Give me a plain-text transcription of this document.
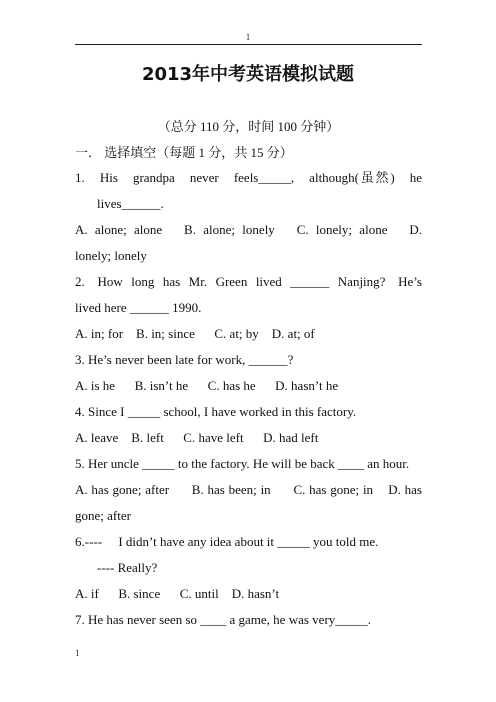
1
2013年中考英语模拟试题
（总分 110 分，时间 100 分钟）
一． 选择填空（每题 1 分，共 15 分）
1.   His   grandpa   never   feels_____,   although(虽然)   he
lives______.
A.  alone;  alone      B.  alone;  lonely      C.  lonely;  alone      D.
lonely; lonely
2.   How  long  has  Mr.  Green  lived  ______  Nanjing?   He’s
lived here ______ 1990.
A. in; for    B. in; since      C. at; by    D. at; of
3. He’s never been late for work, ______?
A. is he      B. isn’t he      C. has he      D. hasn’t he
4. Since I _____ school, I have worked in this factory.
A. leave    B. left      C. have left      D. had left
5. Her uncle _____ to the factory. He will be back ____ an hour.
A. has gone; after      B. has been; in      C. has gone; in    D. has
gone; after
6.----     I didn’t have any idea about it _____ you told me.
---- Really?
A. if      B. since      C. until    D. hasn’t
7. He has never seen so ____ a game, he was very_____.
1
